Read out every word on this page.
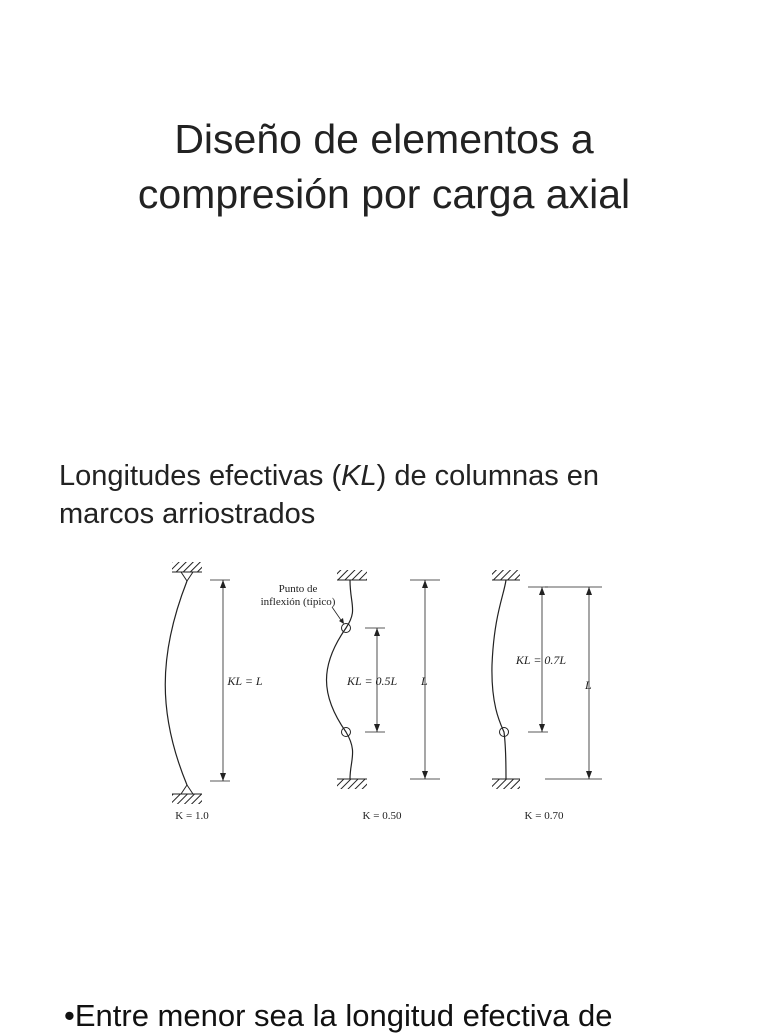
Diseño de elementos a
compresión por carga axial
Longitudes efectivas (KL) de columnas en
marcos arriostrados
KL = L
K = 1.0
Punto de
inflexión (típico)
KL = 0.5L L
K = 0.50
KL = 0.7L
L
K = 0.70
•Entre menor sea la longitud efectiva de
